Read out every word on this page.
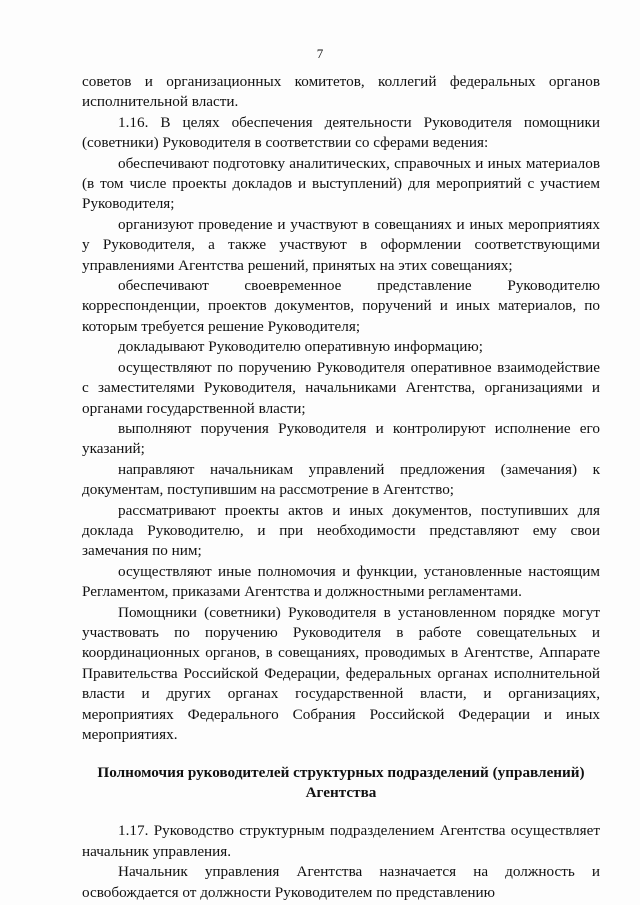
7

советов и организационных комитетов, коллегий федеральных органов исполнительной власти.

1.16. В целях обеспечения деятельности Руководителя помощники (советники) Руководителя в соответствии со сферами ведения:

обеспечивают подготовку аналитических, справочных и иных материалов (в том числе проекты докладов и выступлений) для мероприятий с участием Руководителя;

организуют проведение и участвуют в совещаниях и иных мероприятиях у Руководителя, а также участвуют в оформлении соответствующими управлениями Агентства решений, принятых на этих совещаниях;

обеспечивают своевременное представление Руководителю корреспонденции, проектов документов, поручений и иных материалов, по которым требуется решение Руководителя;

докладывают Руководителю оперативную информацию;

осуществляют по поручению Руководителя оперативное взаимодействие с заместителями Руководителя, начальниками Агентства, организациями и органами государственной власти;

выполняют поручения Руководителя и контролируют исполнение его указаний;

направляют начальникам управлений предложения (замечания) к документам, поступившим на рассмотрение в Агентство;

рассматривают проекты актов и иных документов, поступивших для доклада Руководителю, и при необходимости представляют ему свои замечания по ним;

осуществляют иные полномочия и функции, установленные настоящим Регламентом, приказами Агентства и должностными регламентами.

Помощники (советники) Руководителя в установленном порядке могут участвовать по поручению Руководителя в работе совещательных и координационных органов, в совещаниях, проводимых в Агентстве, Аппарате Правительства Российской Федерации, федеральных органах исполнительной власти и других органах государственной власти, и организациях, мероприятиях Федерального Собрания Российской Федерации и иных мероприятиях.

Полномочия руководителей структурных подразделений (управлений) Агентства

1.17. Руководство структурным подразделением Агентства осуществляет начальник управления.

Начальник управления Агентства назначается на должность и освобождается от должности Руководителем по представлению
